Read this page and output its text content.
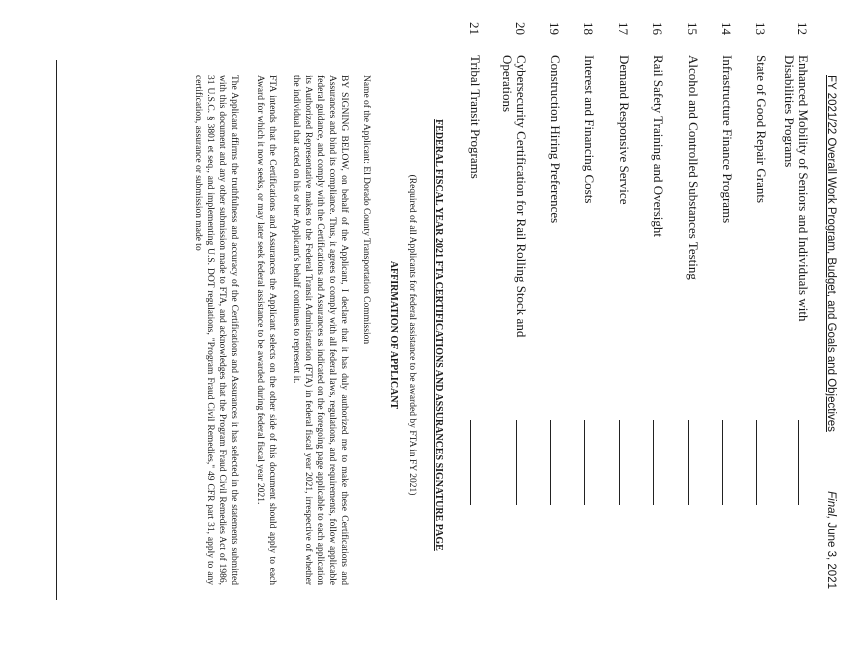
FY 2021/22 Overall Work Program, Budget, and Goals and Objectives
Final, June 3, 2021
12
Enhanced Mobility of Seniors and Individuals with Disabilities Programs
13
State of Good Repair Grants
14
Infrastructure Finance Programs
15
Alcohol and Controlled Substances Testing
16
Rail Safety Training and Oversight
17
Demand Responsive Service
18
Interest and Financing Costs
19
Construction Hiring Preferences
20
Cybersecurity Certification for Rail Rolling Stock and Operations
21
Tribal Transit Programs
FEDERAL FISCAL YEAR 2021 FTA CERTIFICATIONS AND ASSURANCES SIGNATURE PAGE
(Required of all Applicants for federal assistance to be awarded by FTA in FY 2021)
AFFIRMATION OF APPLICANT
Name of the Applicant: El Dorado County Transportation Commission
BY SIGNING BELOW, on behalf of the Applicant, I declare that it has duly authorized me to make these Certifications and Assurances and bind its compliance. Thus, it agrees to comply with all federal laws, regulations, and requirements, follow applicable federal guidance, and comply with the Certifications and Assurances as indicated on the foregoing page applicable to each application its Authorized Representative makes to the Federal Transit Administration (FTA) in federal fiscal year 2021, irrespective of whether the individual that acted on his or her Applicant's behalf continues to represent it.
FTA intends that the Certifications and Assurances the Applicant selects on the other side of this document should apply to each Award for which it now seeks, or may later seek federal assistance to be awarded during federal fiscal year 2021.
The Applicant affirms the truthfulness and accuracy of the Certifications and Assurances it has selected in the statements submitted with this document and any other submission made to FTA, and acknowledges that the Program Fraud Civil Remedies Act of 1986, 31 U.S.C. § 3801 et seq., and implementing U.S. DOT regulations, "Program Fraud Civil Remedies," 49 CFR part 31, apply to any certification, assurance or submission made to
